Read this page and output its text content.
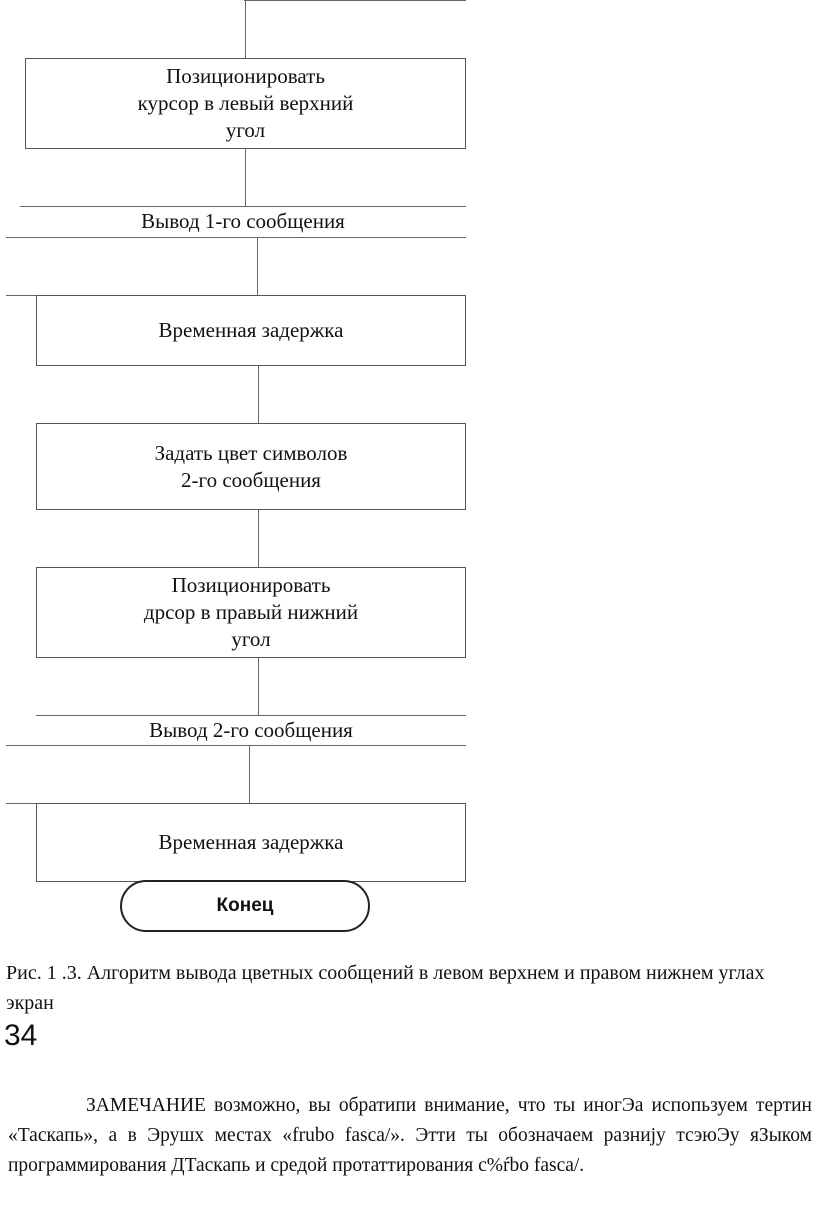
Позиционировать
курсор в левый верхний
угол
Вывод 1-го сообщения
Временная задержка
Задать цвет символов
2-го сообщения
Позиционировать
дрсор в правый нижний
угол
Вывод 2-го сообщения
Временная задержка
Конец
Рис. 1 .3. Алгоритм вывода цветных сообщений в левом верхнем и правом нижнем углах экран
34
ЗАМЕЧАНИЕ возможно, вы обратипи внимание, что ты иногЭа испопьзуем тертин «Таскапь», а в Эрушх местах «frubo fasca/». Этти ты обозначаем разнију тсэюЭу яЗыком программирования ДТаскапь и средой протаттирования с%ŕbo fasca/.
